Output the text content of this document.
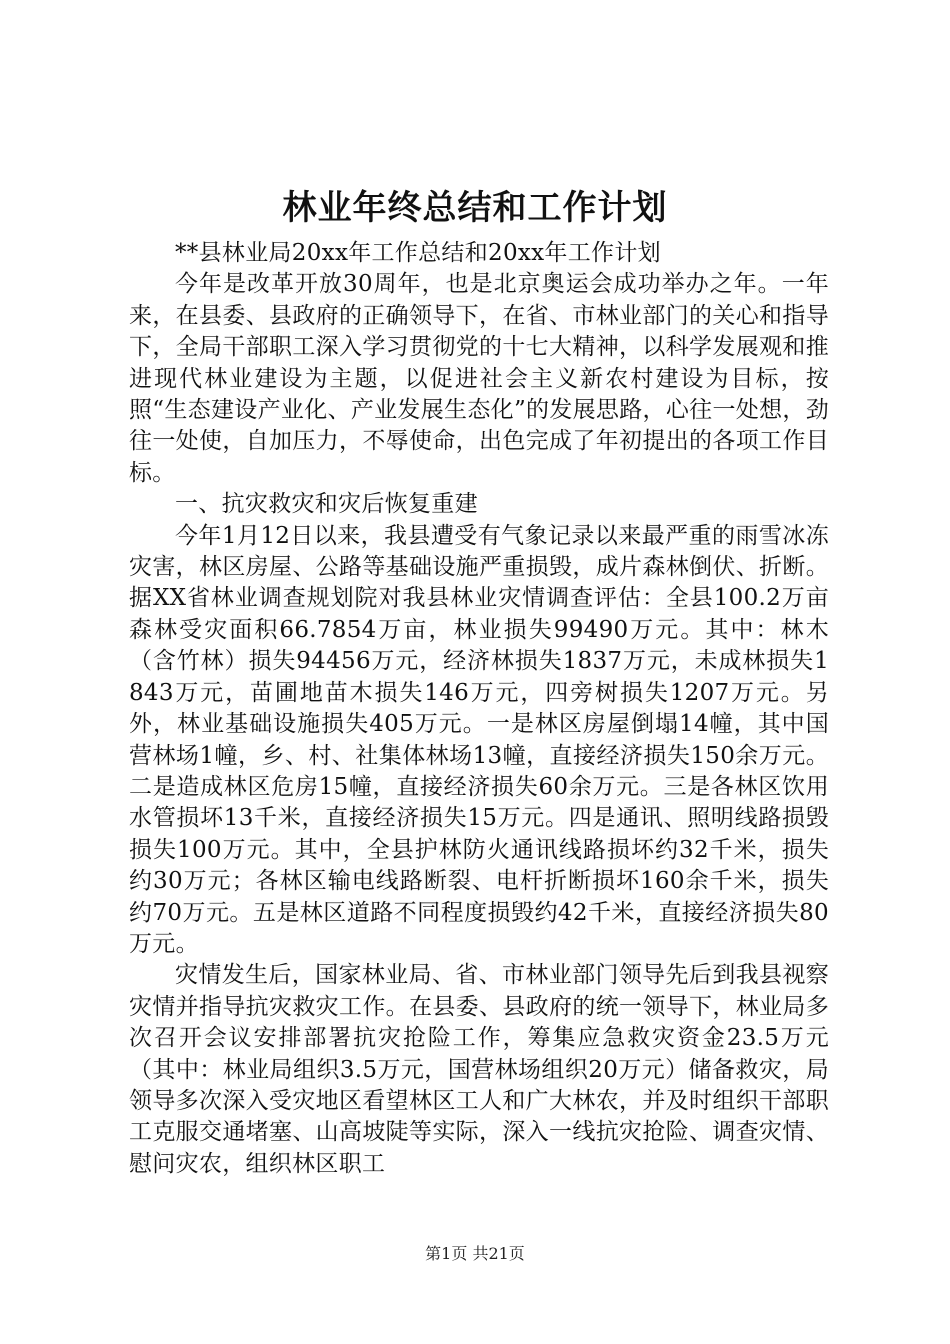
林业年终总结和工作计划

**县林业局20xx年工作总结和20xx年工作计划

今年是改革开放30周年，也是北京奥运会成功举办之年。一年来，在县委、县政府的正确领导下，在省、市林业部门的关心和指导下，全局干部职工深入学习贯彻党的十七大精神，以科学发展观和推进现代林业建设为主题，以促进社会主义新农村建设为目标，按照“生态建设产业化、产业发展生态化”的发展思路，心往一处想，劲往一处使，自加压力，不辱使命，出色完成了年初提出的各项工作目标。

一、抗灾救灾和灾后恢复重建

今年1月12日以来，我县遭受有气象记录以来最严重的雨雪冰冻灾害，林区房屋、公路等基础设施严重损毁，成片森林倒伏、折断。据XX省林业调查规划院对我县林业灾情调查评估：全县100.2万亩森林受灾面积66.7854万亩，林业损失99490万元。其中：林木（含竹林）损失94456万元，经济林损失1837万元，未成林损失1843万元，苗圃地苗木损失146万元，四旁树损失1207万元。另外，林业基础设施损失405万元。一是林区房屋倒塌14幢，其中国营林场1幢，乡、村、社集体林场13幢，直接经济损失150余万元。二是造成林区危房15幢，直接经济损失60余万元。三是各林区饮用水管损坏13千米，直接经济损失15万元。四是通讯、照明线路损毁损失100万元。其中，全县护林防火通讯线路损坏约32千米，损失约30万元；各林区输电线路断裂、电杆折断损坏160余千米，损失约70万元。五是林区道路不同程度损毁约42千米，直接经济损失80万元。

灾情发生后，国家林业局、省、市林业部门领导先后到我县视察灾情并指导抗灾救灾工作。在县委、县政府的统一领导下，林业局多次召开会议安排部署抗灾抢险工作，筹集应急救灾资金23.5万元（其中：林业局组织3.5万元，国营林场组织20万元）储备救灾，局领导多次深入受灾地区看望林区工人和广大林农，并及时组织干部职工克服交通堵塞、山高坡陡等实际，深入一线抗灾抢险、调查灾情、慰问灾农，组织林区职工

第1页 共21页
